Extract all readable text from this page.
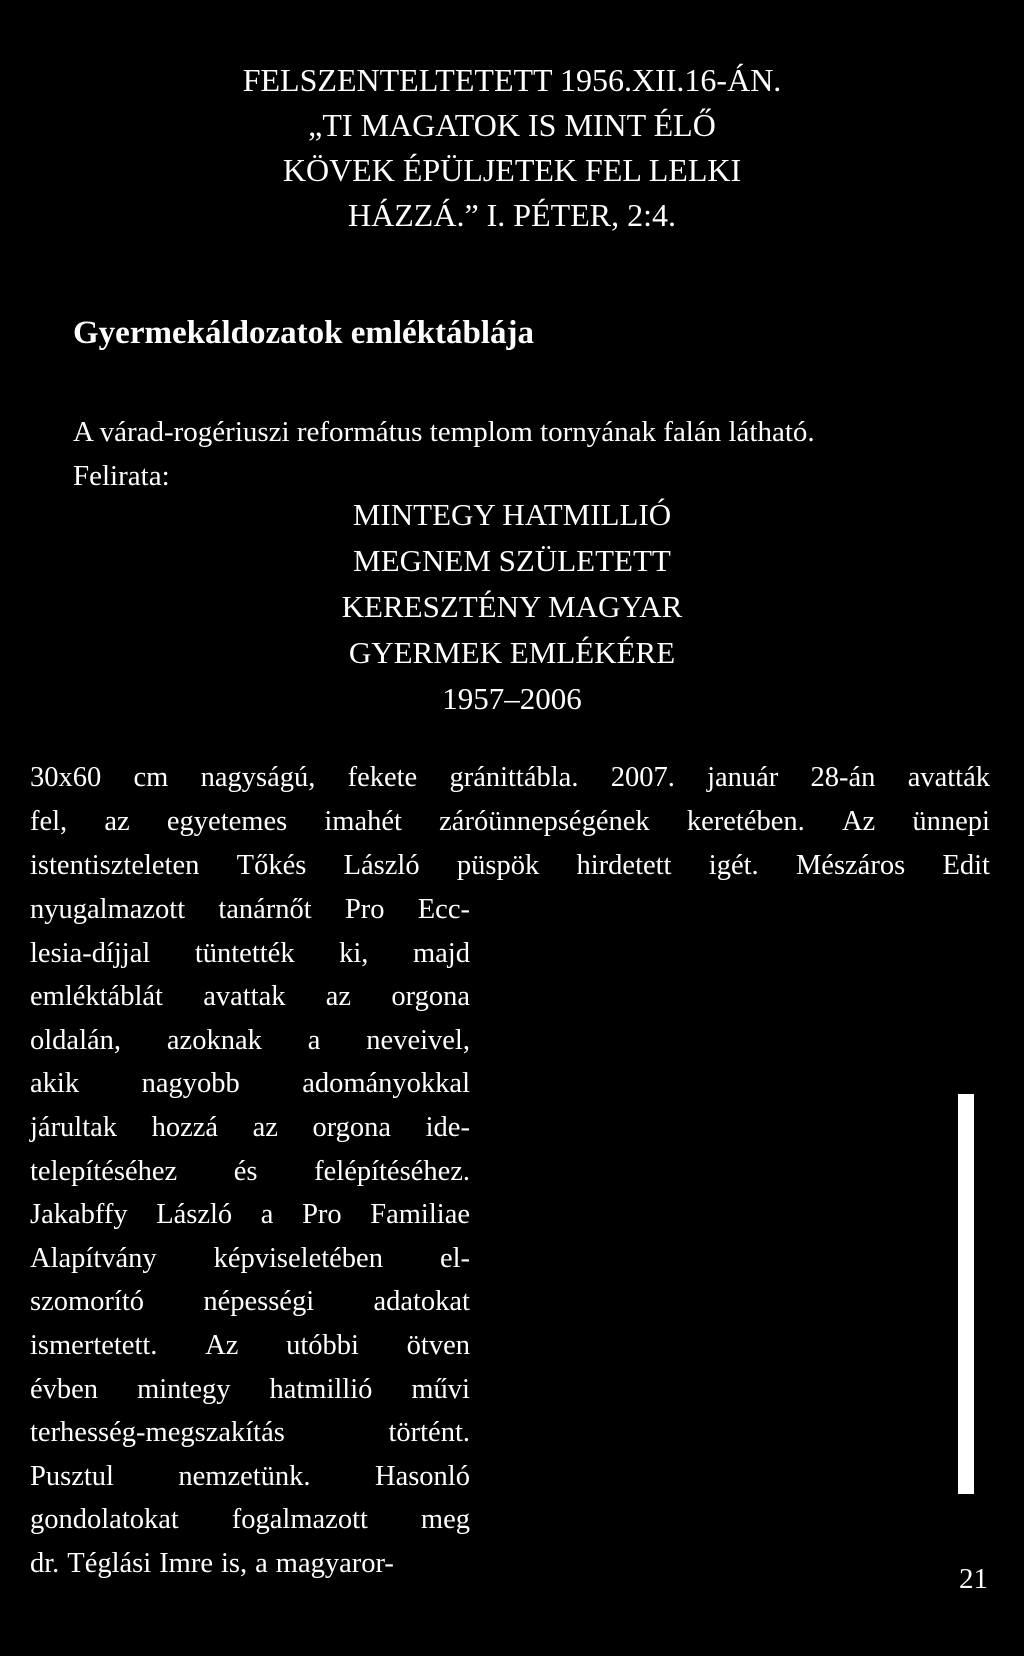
FELSZENTELTETETT 1956.XII.16-ÁN.
„TI MAGATOK IS MINT ÉLŐ
KÖVEK ÉPÜLJETEK FEL LELKI
HÁZZÁ.” I. PÉTER, 2:4.
Gyermekáldozatok emléktáblája
A várad-rogériuszi református templom tornyának falán látható.
Felirata:
MINTEGY HATMILLIÓ
MEGNEM SZÜLETETT
KERESZTÉNY MAGYAR
GYERMEK EMLÉKÉRE
1957–2006
30x60 cm nagyságú, fekete gránittábla. 2007. január 28-án avatták
fel, az egyetemes imahét záróünnepségének keretében. Az ünnepi
istentiszteleten Tőkés László püspök hirdetett igét. Mészáros Edit
nyugalmazott tanárnőt Pro Ecc-
lesia-díjjal tüntették ki, majd
emléktáblát avattak az orgona
oldalán, azoknak a neveivel,
akik nagyobb adományokkal
járultak hozzá az orgona ide-
telepítéséhez és felépítéséhez.
Jakabffy László a Pro Familiae
Alapítvány képviseletében el-
szomorító népességi adatokat
ismertetett. Az utóbbi ötven
évben mintegy hatmillió művi
terhesség-megszakítás	történt.
Pusztul nemzetünk. Hasonló
gondolatokat fogalmazott meg
dr. Téglási Imre is, a magyaror-	21
